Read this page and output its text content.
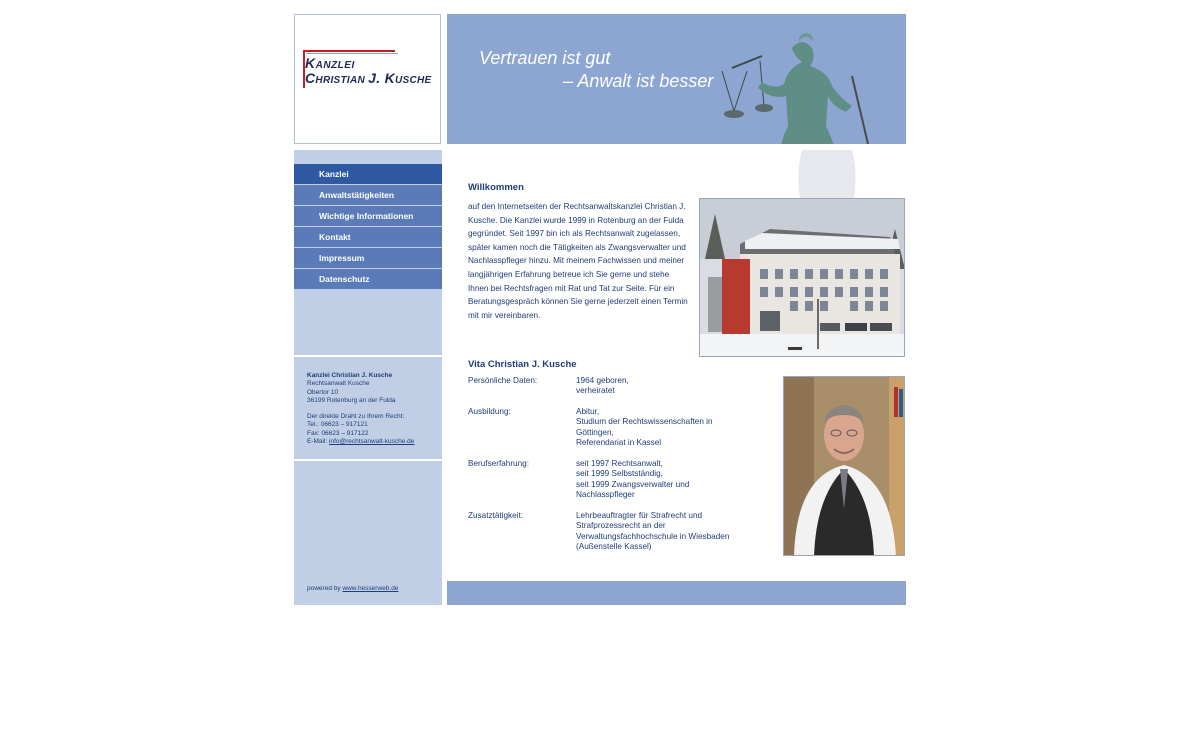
KANZLEI
CHRISTIAN J. KUSCHE
Vertrauen ist gut
– Anwalt ist besser
Kanzlei
Anwaltstätigkeiten
Wichtige Informationen
Kontakt
Impressum
Datenschutz
Kanzlei Christian J. Kusche
Rechtsanwalt Kusche
Obertor 10
36199 Rotenburg an der Fulda
Der direkte Draht zu Ihrem Recht:
Tel.: 06623 – 917121
Fax: 06623 – 917122
E-Mail: info@rechtsanwalt-kusche.de
powered by www.hesserweb.de
Willkommen
auf den Internetseiten der Rechtsanwaltskanzlei Christian J. Kusche. Die Kanzlei wurde 1999 in Rotenburg an der Fulda gegründet. Seit 1997 bin ich als Rechtsanwalt zugelassen, später kamen noch die Tätigkeiten als Zwangsverwalter und Nachlasspfleger hinzu. Mit meinem Fachwissen und meiner langjährigen Erfahrung betreue ich Sie gerne und stehe Ihnen bei Rechtsfragen mit Rat und Tat zur Seite. Für ein Beratungsgespräch können Sie gerne jederzeit einen Termin mit mir vereinbaren.
Vita Christian J. Kusche
Persönliche Daten:	1964 geboren,
verheiratet
Ausbildung:	Abitur,
Studium der Rechtswissenschaften in Göttingen,
Referendariat in Kassel
Berufserfahrung:	seit 1997 Rechtsanwalt,
seit 1999 Selbstständig,
seit 1999 Zwangsverwalter und Nachlasspfleger
Zusatztätigkeit:	Lehrbeauftragter für Strafrecht und Strafprozessrecht an der Verwaltungsfachhochschule in Wiesbaden (Außenstelle Kassel)
